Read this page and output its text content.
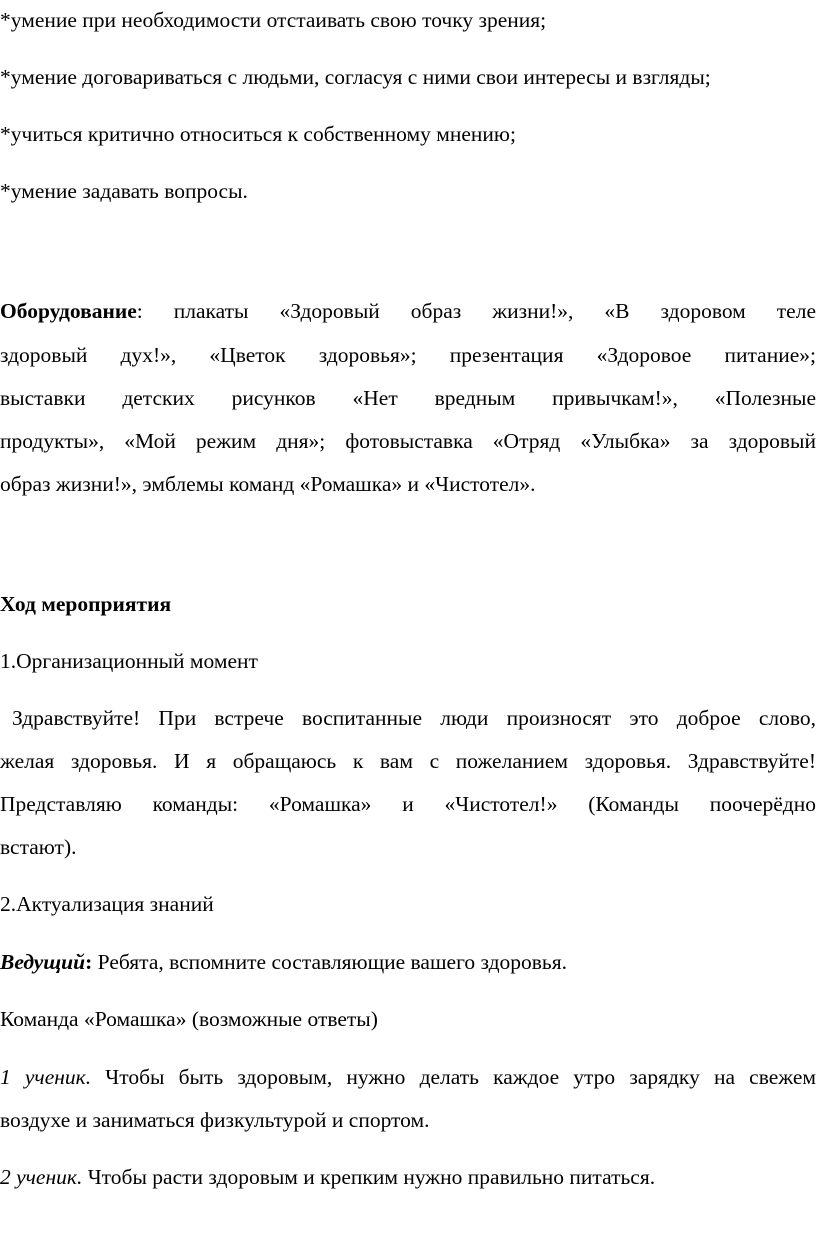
*умение при необходимости отстаивать свою точку зрения;
*умение договариваться с людьми, согласуя с ними свои интересы и взгляды;
*учиться критично относиться к собственному мнению;
*умение задавать вопросы.
Оборудование: плакаты «Здоровый образ жизни!», «В здоровом теле
здоровый дух!», «Цветок здоровья»; презентация «Здоровое питание»;
выставки детских рисунков «Нет вредным привычкам!», «Полезные
продукты», «Мой режим дня»; фотовыставка «Отряд «Улыбка» за здоровый
образ жизни!», эмблемы команд «Ромашка» и «Чистотел».
Ход мероприятия
1.Организационный момент
Здравствуйте! При встрече воспитанные люди произносят это доброе слово,
желая здоровья. И я обращаюсь к вам с пожеланием здоровья. Здравствуйте!
Представляю команды: «Ромашка» и «Чистотел!» (Команды поочерёдно
встают).
2.Актуализация знаний
Ведущий: Ребята, вспомните составляющие вашего здоровья.
Команда «Ромашка» (возможные ответы)
1 ученик. Чтобы быть здоровым, нужно делать каждое утро зарядку на свежем
воздухе и заниматься физкультурой и спортом.
2 ученик. Чтобы расти здоровым и крепким нужно правильно питаться.
